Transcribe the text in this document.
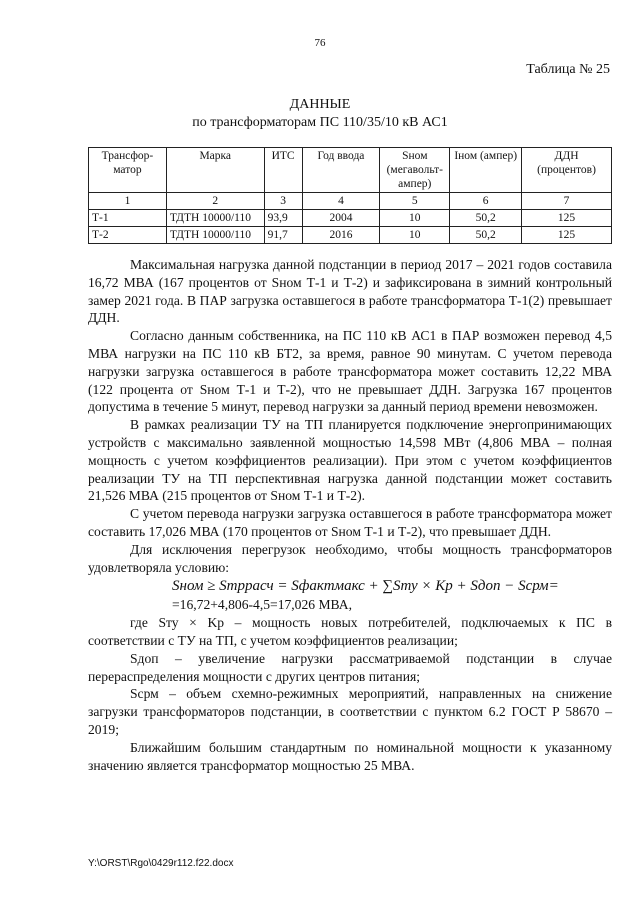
76
Таблица № 25
ДАННЫЕ
по трансформаторам ПС 110/35/10 кВ АС1
Трансфор-матор	Марка	ИТС	Год ввода	Sном (мегавольт-ампер)	Iном (ампер)	ДДН (процентов)
1	2	3	4	5	6	7
Т-1	ТДТН 10000/110	93,9	2004	10	50,2	125
Т-2	ТДТН 10000/110	91,7	2016	10	50,2	125

Максимальная нагрузка данной подстанции в период 2017 – 2021 годов составила 16,72 МВА (167 процентов от Sном Т-1 и Т-2) и зафиксирована в зимний контрольный замер 2021 года. В ПАР загрузка оставшегося в работе трансформатора Т-1(2) превышает ДДН.

Согласно данным собственника, на ПС 110 кВ АС1 в ПАР возможен перевод 4,5 МВА нагрузки на ПС 110 кВ БТ2, за время, равное 90 минутам. С учетом перевода нагрузки загрузка оставшегося в работе трансформатора может составить 12,22 МВА (122 процента от Sном Т-1 и Т-2), что не превышает ДДН. Загрузка 167 процентов допустима в течение 5 минут, перевод нагрузки за данный период времени невозможен.

В рамках реализации ТУ на ТП планируется подключение энергопринимающих устройств с максимально заявленной мощностью 14,598 МВт (4,806 МВА – полная мощность с учетом коэффициентов реализации). При этом с учетом коэффициентов реализации ТУ на ТП перспективная нагрузка данной подстанции может составить 21,526 МВА (215 процентов от Sном Т-1 и Т-2).

С учетом перевода нагрузки загрузка оставшегося в работе трансформатора может составить 17,026 МВА (170 процентов от Sном Т-1 и Т-2), что превышает ДДН.

Для исключения перегрузок необходимо, чтобы мощность трансформаторов удовлетворяла условию:

Sном ≥ Sтррасч = Sфактмакс + ∑Sту × Kр + Sдоп − Sсрм=

=16,72+4,806-4,5=17,026 МВА,

где Sту × Kр – мощность новых потребителей, подключаемых к ПС в соответствии с ТУ на ТП, с учетом коэффициентов реализации;

Sдоп – увеличение нагрузки рассматриваемой подстанции в случае перераспределения мощности с других центров питания;

Sсрм – объем схемно-режимных мероприятий, направленных на снижение загрузки трансформаторов подстанции, в соответствии с пунктом 6.2 ГОСТ Р 58670 – 2019;

Ближайшим большим стандартным по номинальной мощности к указанному значению является трансформатор мощностью 25 МВА.

Y:\ORST\Rgo\0429r112.f22.docx
